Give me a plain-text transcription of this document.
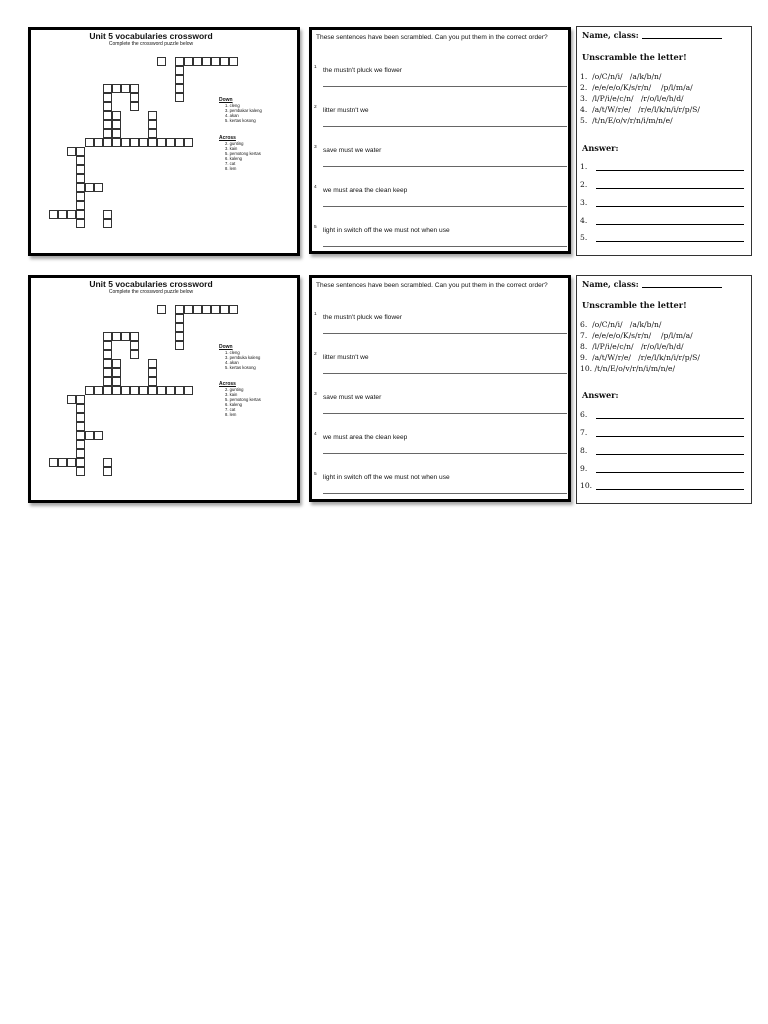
Unit 5 vocabularies crossword
Complete the crossword puzzle below
Down
1. cleng
3. pembakar kaleng
4. akan
5. kertas kosong
Across
2. gunting
3. kain
5. pemotong kertas
6. kaleng
7. cat
8. lem
These sentences have been scrambled. Can you put them in the correct order?
1 the mustn't pluck we flower
2 litter mustn't we
3 save must we water
4 we must area the clean keep
5 light in switch off the we must not when use
Name, class:
Unscramble the letter!
1.  /o/C/n/i/   /a/k/b/n/
2.  /e/e/e/o/K/s/r/n/    /p/l/m/a/
3.  /l/P/i/e/c/n/   /r/o/l/e/h/d/
4.  /a/t/W/r/e/   /r/e/l/k/n/i/r/p/S/
5.  /t/n/E/o/v/r/n/i/m/n/e/
Answer:
1.
2.
3.
4.
5.
Unit 5 vocabularies crossword
Complete the crossword puzzle below
Down
1. cleng
3. pembuka kaleng
4. akan
5. kertas kosong
Across
2. gunting
3. kain
5. pemotong kertas
6. kaleng
7. cat
8. lem
These sentences have been scrambled. Can you put them in the correct order?
1 the mustn't pluck we flower
2 litter mustn't we
3 save must we water
4 we must area the clean keep
5 light in switch off the we must not when use
Name, class:
Unscramble the letter!
6.  /o/C/n/i/   /a/k/b/n/
7.  /e/e/e/o/K/s/r/n/    /p/l/m/a/
8.  /l/P/i/e/c/n/   /r/o/l/e/h/d/
9.  /a/t/W/r/e/   /r/e/l/k/n/i/r/p/S/
10. /t/n/E/o/v/r/n/i/m/n/e/
Answer:
6.
7.
8.
9.
10.
